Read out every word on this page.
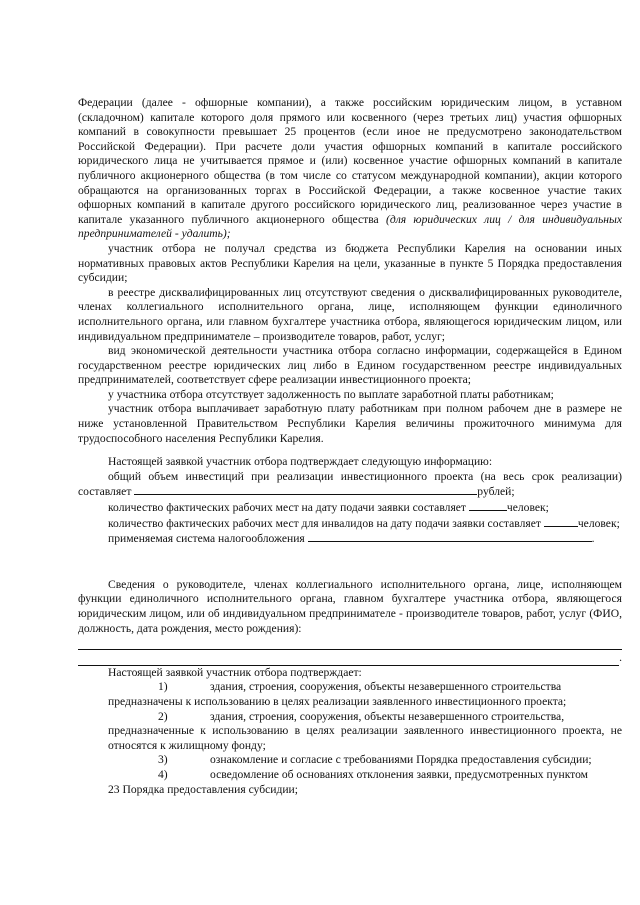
Федерации (далее - офшорные компании), а также российским юридическим лицом, в уставном (складочном) капитале которого доля прямого или косвенного (через третьих лиц) участия офшорных компаний в совокупности превышает 25 процентов (если иное не предусмотрено законодательством Российской Федерации). При расчете доли участия офшорных компаний в капитале российского юридического лица не учитывается прямое и (или) косвенное участие офшорных компаний в капитале публичного акционерного общества (в том числе со статусом международной компании), акции которого обращаются на организованных торгах в Российской Федерации, а также косвенное участие таких офшорных компаний в капитале другого российского юридического лиц, реализованное через участие в капитале указанного публичного акционерного общества (для юридических лиц / для индивидуальных предпринимателей - удалить);

участник отбора не получал средства из бюджета Республики Карелия на основании иных нормативных правовых актов Республики Карелия на цели, указанные в пункте 5 Порядка предоставления субсидии;

в реестре дисквалифицированных лиц отсутствуют сведения о дисквалифицированных руководителе, членах коллегиального исполнительного органа, лице, исполняющем функции единоличного исполнительного органа, или главном бухгалтере участника отбора, являющегося юридическим лицом, или индивидуальном предпринимателе – производителе товаров, работ, услуг;

вид экономической деятельности участника отбора согласно информации, содержащейся в Едином государственном реестре юридических лиц либо в Едином государственном реестре индивидуальных предпринимателей, соответствует сфере реализации инвестиционного проекта;

у участника отбора отсутствует задолженность по выплате заработной платы работникам;

участник отбора выплачивает заработную плату работникам при полном рабочем дне в размере не ниже установленной Правительством Республики Карелия величины прожиточного минимума для трудоспособного населения Республики Карелия.

Настоящей заявкой участник отбора подтверждает следующую информацию:

общий объем инвестиций при реализации инвестиционного проекта (на весь срок реализации) составляет	рублей;

количество фактических рабочих мест на дату подачи заявки составляет	человек;

количество фактических рабочих мест для инвалидов на дату подачи заявки составляет	человек;

применяемая система налогообложения	.

Сведения о руководителе, членах коллегиального исполнительного органа, лице, исполняющем функции единоличного исполнительного органа, главном бухгалтере участника отбора, являющегося юридическим лицом, или об индивидуальном предпринимателе - производителе товаров, работ, услуг (ФИО, должность, дата рождения, место рождения):

.

Настоящей заявкой участник отбора подтверждает:

1)	здания, строения, сооружения, объекты незавершенного строительства
предназначены к использованию в целях реализации заявленного инвестиционного проекта;
2)	здания, строения, сооружения, объекты незавершенного строительства,
предназначенные к использованию в целях реализации заявленного инвестиционного проекта, не относятся к жилищному фонду;
3)	ознакомление и согласие с требованиями Порядка предоставления субсидии;
4)	осведомление об основаниях отклонения заявки, предусмотренных пунктом
23 Порядка предоставления субсидии;
